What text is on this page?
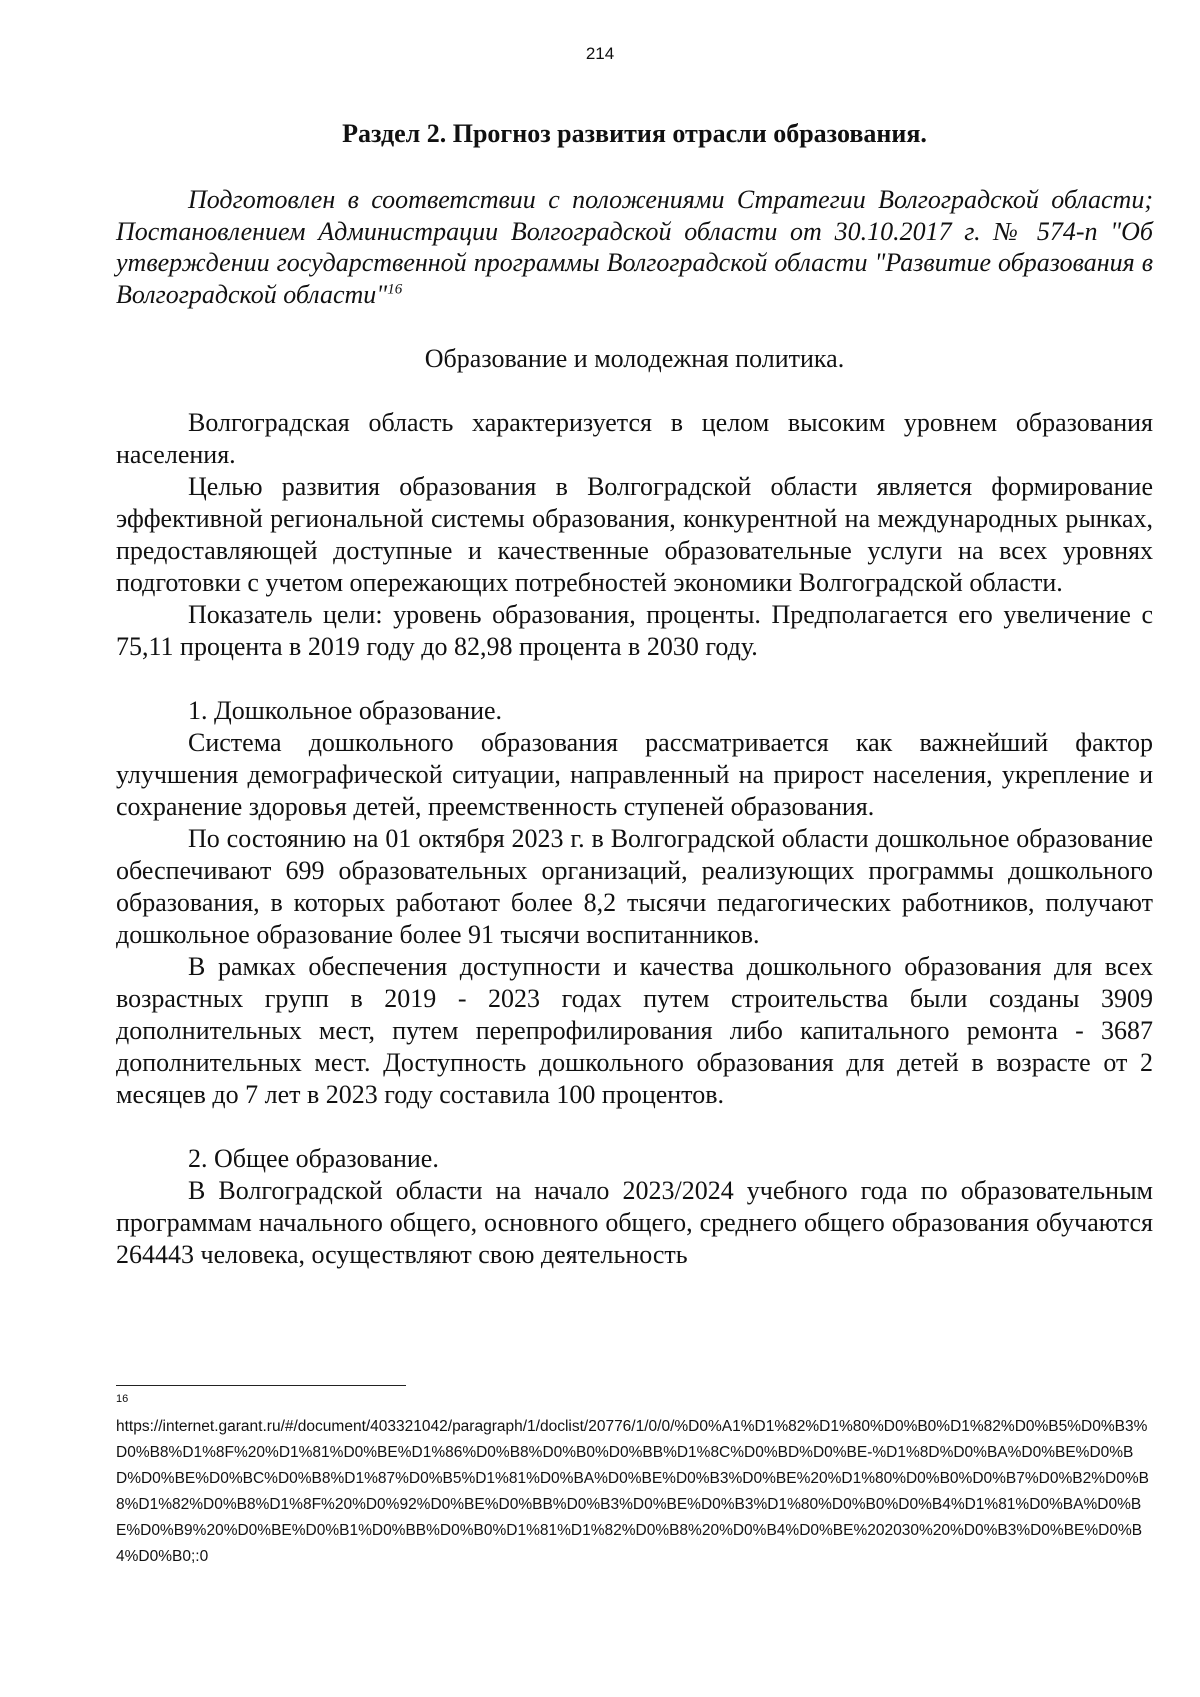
214
Раздел 2. Прогноз развития отрасли образования.

Подготовлен в соответствии с положениями Стратегии Волгоградской области; Постановлением Администрации Волгоградской области от 30.10.2017 г. № 574-п "Об утверждении государственной программы Волгоградской области "Развитие образования в Волгоградской области"$^{16}$

Образование и молодежная политика.

Волгоградская область характеризуется в целом высоким уровнем образования населения.

Целью развития образования в Волгоградской области является формирование эффективной региональной системы образования, конкурентной на международных рынках, предоставляющей доступные и качественные образовательные услуги на всех уровнях подготовки с учетом опережающих потребностей экономики Волгоградской области.

Показатель цели: уровень образования, проценты. Предполагается его увеличение с 75,11 процента в 2019 году до 82,98 процента в 2030 году.

1. Дошкольное образование.

Система дошкольного образования рассматривается как важнейший фактор улучшения демографической ситуации, направленный на прирост населения, укрепление и сохранение здоровья детей, преемственность ступеней образования.

По состоянию на 01 октября 2023 г. в Волгоградской области дошкольное образование обеспечивают 699 образовательных организаций, реализующих программы дошкольного образования, в которых работают более 8,2 тысячи педагогических работников, получают дошкольное образование более 91 тысячи воспитанников.

В рамках обеспечения доступности и качества дошкольного образования для всех возрастных групп в 2019 - 2023 годах путем строительства были созданы 3909 дополнительных мест, путем перепрофилирования либо капитального ремонта - 3687 дополнительных мест. Доступность дошкольного образования для детей в возрасте от 2 месяцев до 7 лет в 2023 году составила 100 процентов.

2. Общее образование.

В Волгоградской области на начало 2023/2024 учебного года по образовательным программам начального общего, основного общего, среднего общего образования обучаются 264443 человека, осуществляют свою деятельность

16
https://internet.garant.ru/#/document/403321042/paragraph/1/doclist/20776/1/0/0/%D0%A1%D1%82%D1%80%D0%B0%D1%82%D0%B5%D0%B3%D0%B8%D1%8F%20%D1%81%D0%BE%D1%86%D0%B8%D0%B0%D0%BB%D1%8C%D0%BD%D0%BE-%D1%8D%D0%BA%D0%BE%D0%BD%D0%BE%D0%BC%D0%B8%D1%87%D0%B5%D1%81%D0%BA%D0%BE%D0%B3%D0%BE%20%D1%80%D0%B0%D0%B7%D0%B2%D0%B8%D1%82%D0%B8%D1%8F%20%D0%92%D0%BE%D0%BB%D0%B3%D0%BE%D0%B3%D1%80%D0%B0%D0%B4%D1%81%D0%BA%D0%BE%D0%B9%20%D0%BE%D0%B1%D0%BB%D0%B0%D1%81%D1%82%D0%B8%20%D0%B4%D0%BE%202030%20%D0%B3%D0%BE%D0%B4%D0%B0;:0
